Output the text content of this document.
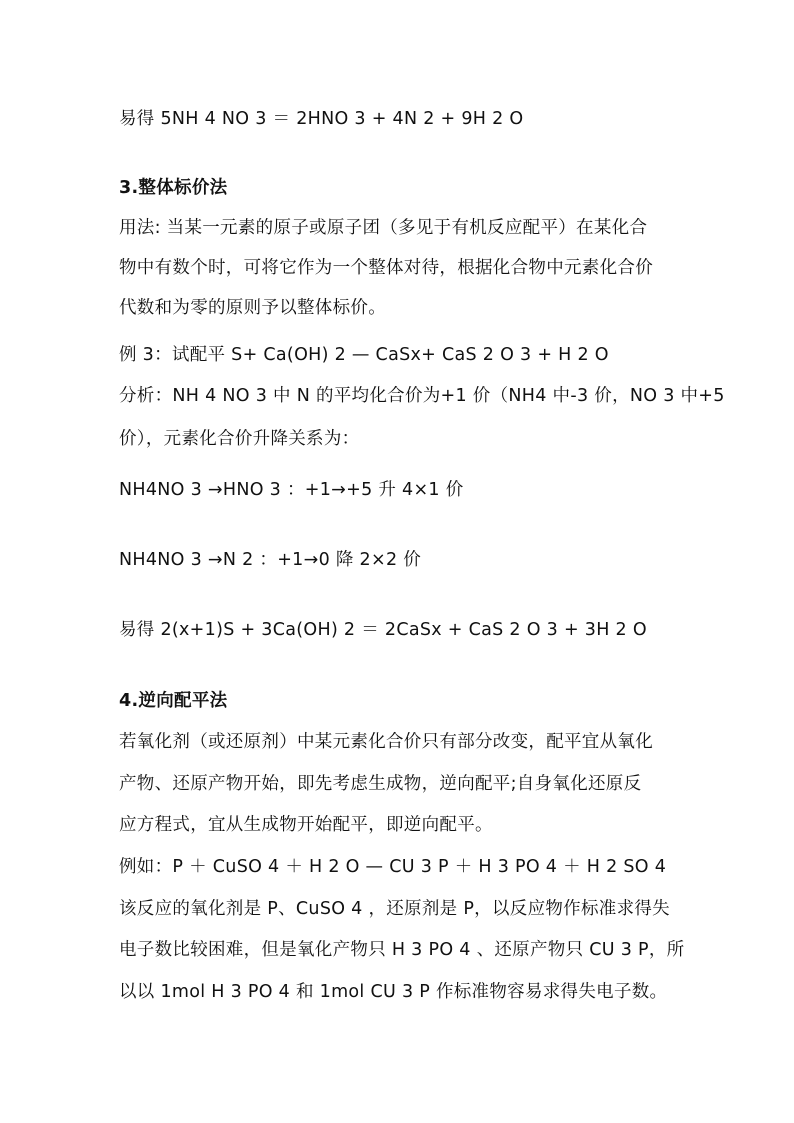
易得 5NH 4 NO 3 ＝ 2HNO 3 + 4N 2 + 9H 2 O
3.整体标价法
用法: 当某一元素的原子或原子团（多见于有机反应配平）在某化合
物中有数个时，可将它作为一个整体对待，根据化合物中元素化合价
代数和为零的原则予以整体标价。
例 3：试配平 S+ Ca(OH) 2 — CaSx+ CaS 2 O 3 + H 2 O
分析：NH 4 NO 3 中 N 的平均化合价为+1 价（NH4 中-3 价，NO 3 中+5
价），元素化合价升降关系为：
NH4NO 3 →HNO 3 ：+1→+5 升 4×1 价
NH4NO 3 →N 2 ：+1→0 降 2×2 价
易得 2(x+1)S + 3Ca(OH) 2 ＝ 2CaSx + CaS 2 O 3 + 3H 2 O
4.逆向配平法
若氧化剂（或还原剂）中某元素化合价只有部分改变，配平宜从氧化
产物、还原产物开始，即先考虑生成物，逆向配平;自身氧化还原反
应方程式，宜从生成物开始配平，即逆向配平。
例如：P ＋ CuSO 4 ＋ H 2 O — CU 3 P ＋ H 3 PO 4 ＋ H 2 SO 4
该反应的氧化剂是 P、CuSO 4 ，还原剂是 P，以反应物作标准求得失
电子数比较困难，但是氧化产物只 H 3 PO 4 、还原产物只 CU 3 P，所
以以 1mol H 3 PO 4 和 1mol CU 3 P 作标准物容易求得失电子数。
